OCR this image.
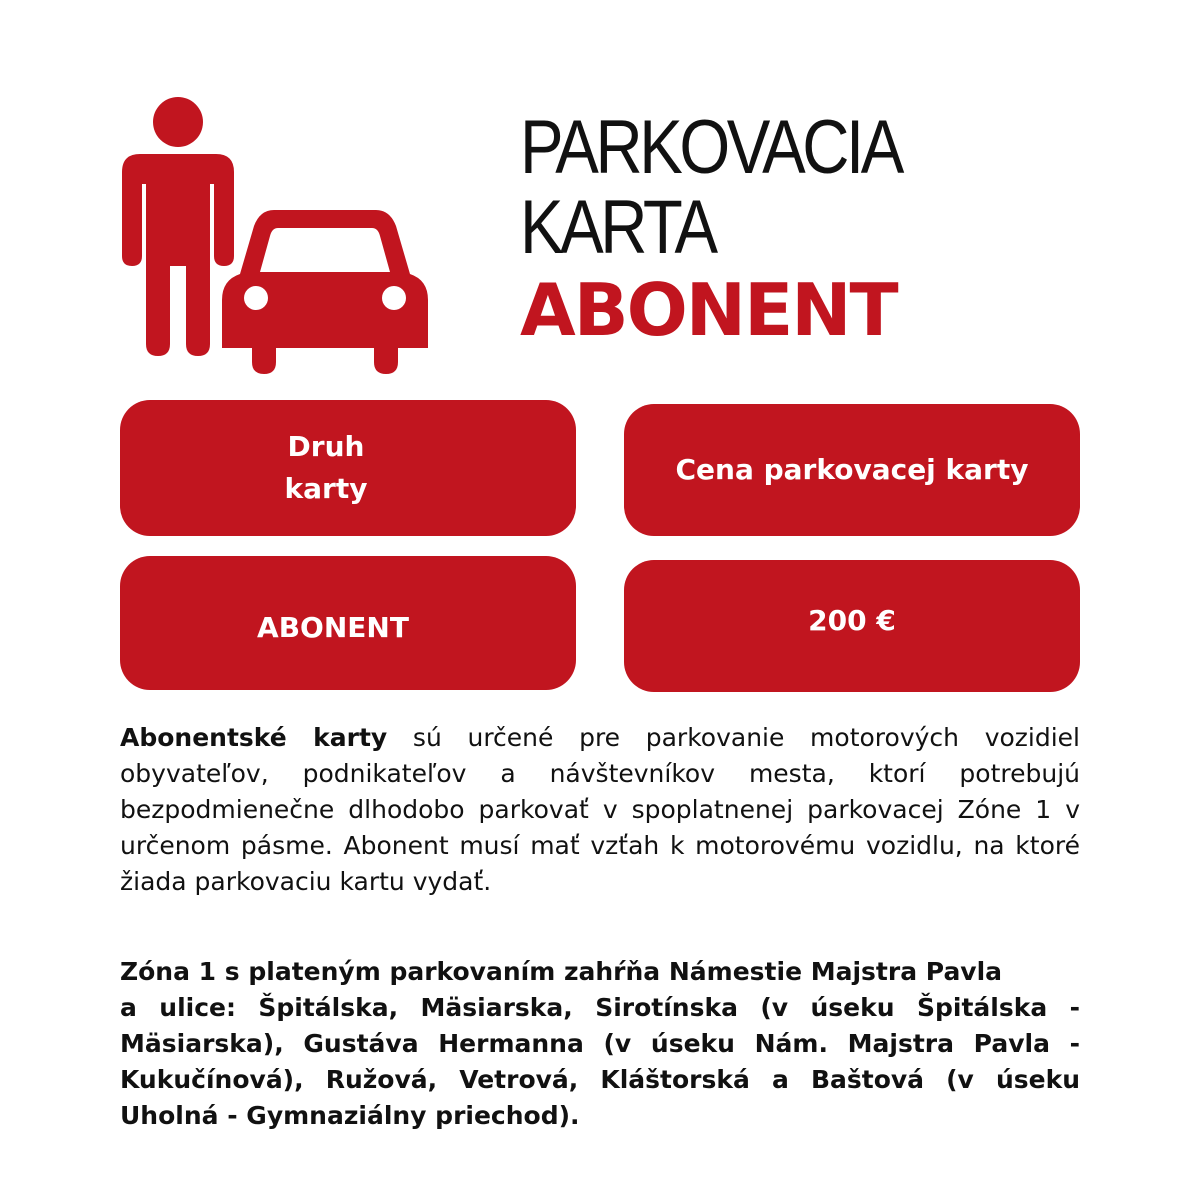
PARKOVACIA
KARTA
ABONENT
Druh
karty
Cena parkovacej karty
ABONENT	200 €
Abonentské karty sú určené pre parkovanie motorových vozidiel obyvateľov, podnikateľov a návštevníkov mesta, ktorí potrebujú bezpodmienečne dlhodobo parkovať v spoplatnenej parkovacej Zóne 1 v určenom pásme. Abonent musí mať vzťah k motorovému vozidlu, na ktoré žiada parkovaciu kartu vydať.
Zóna 1 s plateným parkovaním zahŕňa Námestie Majstra Pavla
a ulice: Špitálska, Mäsiarska, Sirotínska (v úseku Špitálska - Mäsiarska), Gustáva Hermanna (v úseku Nám. Majstra Pavla - Kukučínová), Ružová, Vetrová, Kláštorská a Baštová (v úseku Uholná - Gymnaziálny priechod).
